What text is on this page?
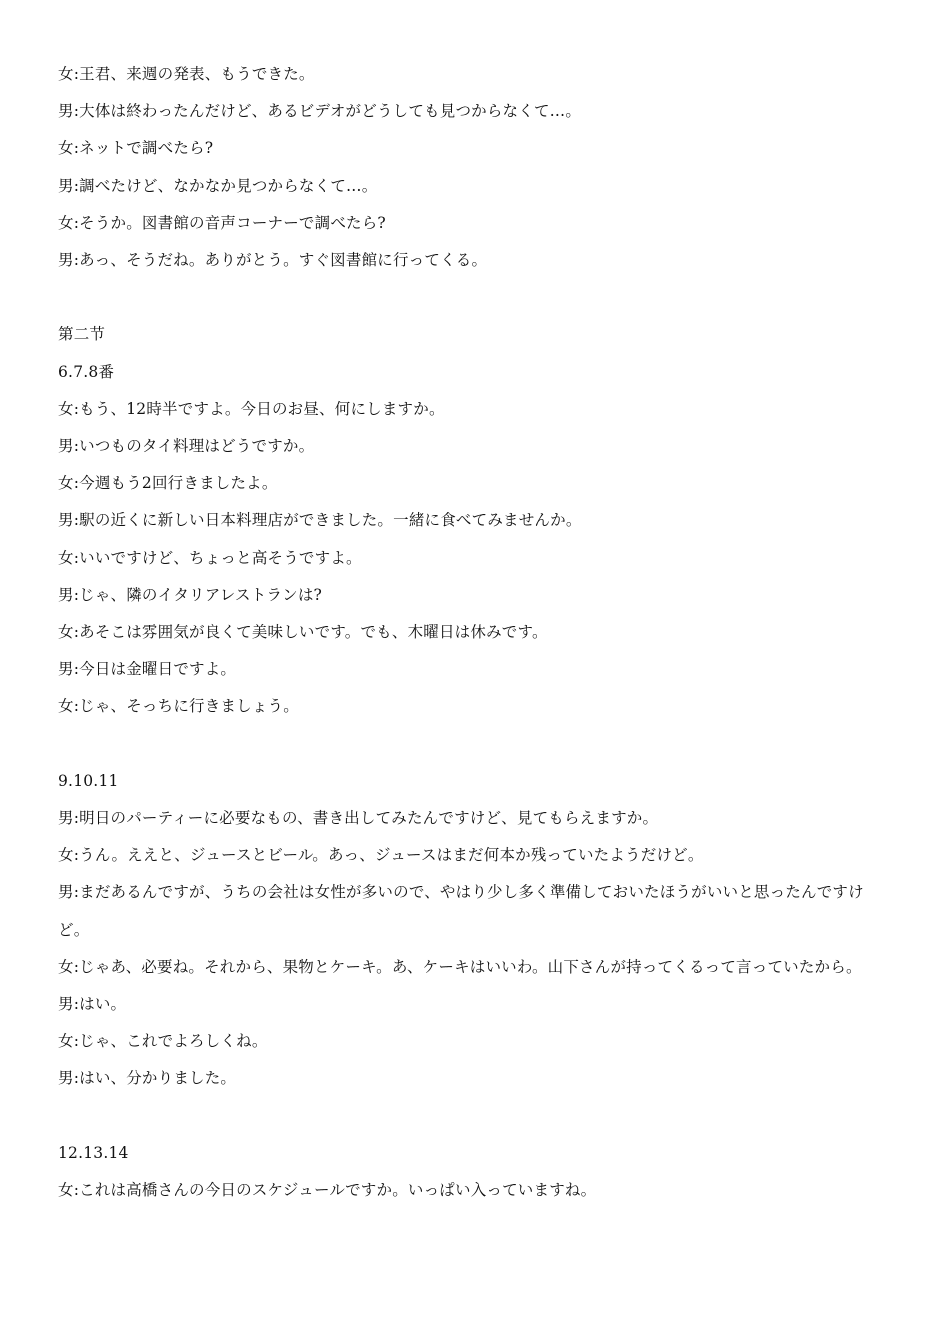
女:王君、来週の発表、もうできた。
男:大体は終わったんだけど、あるビデオがどうしても見つからなくて…。
女:ネットで調べたら?
男:調べたけど、なかなか見つからなくて…。
女:そうか。図書館の音声コーナーで調べたら?
男:あっ、そうだね。ありがとう。すぐ図書館に行ってくる。
第二节
6.7.8番
女:もう、12時半ですよ。今日のお昼、何にしますか。
男:いつものタイ料理はどうですか。
女:今週もう2回行きましたよ。
男:駅の近くに新しい日本料理店ができました。一緒に食べてみませんか。
女:いいですけど、ちょっと高そうですよ。
男:じゃ、隣のイタリアレストランは?
女:あそこは雰囲気が良くて美味しいです。でも、木曜日は休みです。
男:今日は金曜日ですよ。
女:じゃ、そっちに行きましょう。
9.10.11
男:明日のパーティーに必要なもの、書き出してみたんですけど、見てもらえますか。
女:うん。ええと、ジュースとビール。あっ、ジュースはまだ何本か残っていたようだけど。
男:まだあるんですが、うちの会社は女性が多いので、やはり少し多く準備しておいたほうがいいと思ったんですけど。
女:じゃあ、必要ね。それから、果物とケーキ。あ、ケーキはいいわ。山下さんが持ってくるって言っていたから。
男:はい。
女:じゃ、これでよろしくね。
男:はい、分かりました。
12.13.14
女:これは高橋さんの今日のスケジュールですか。いっぱい入っていますね。
